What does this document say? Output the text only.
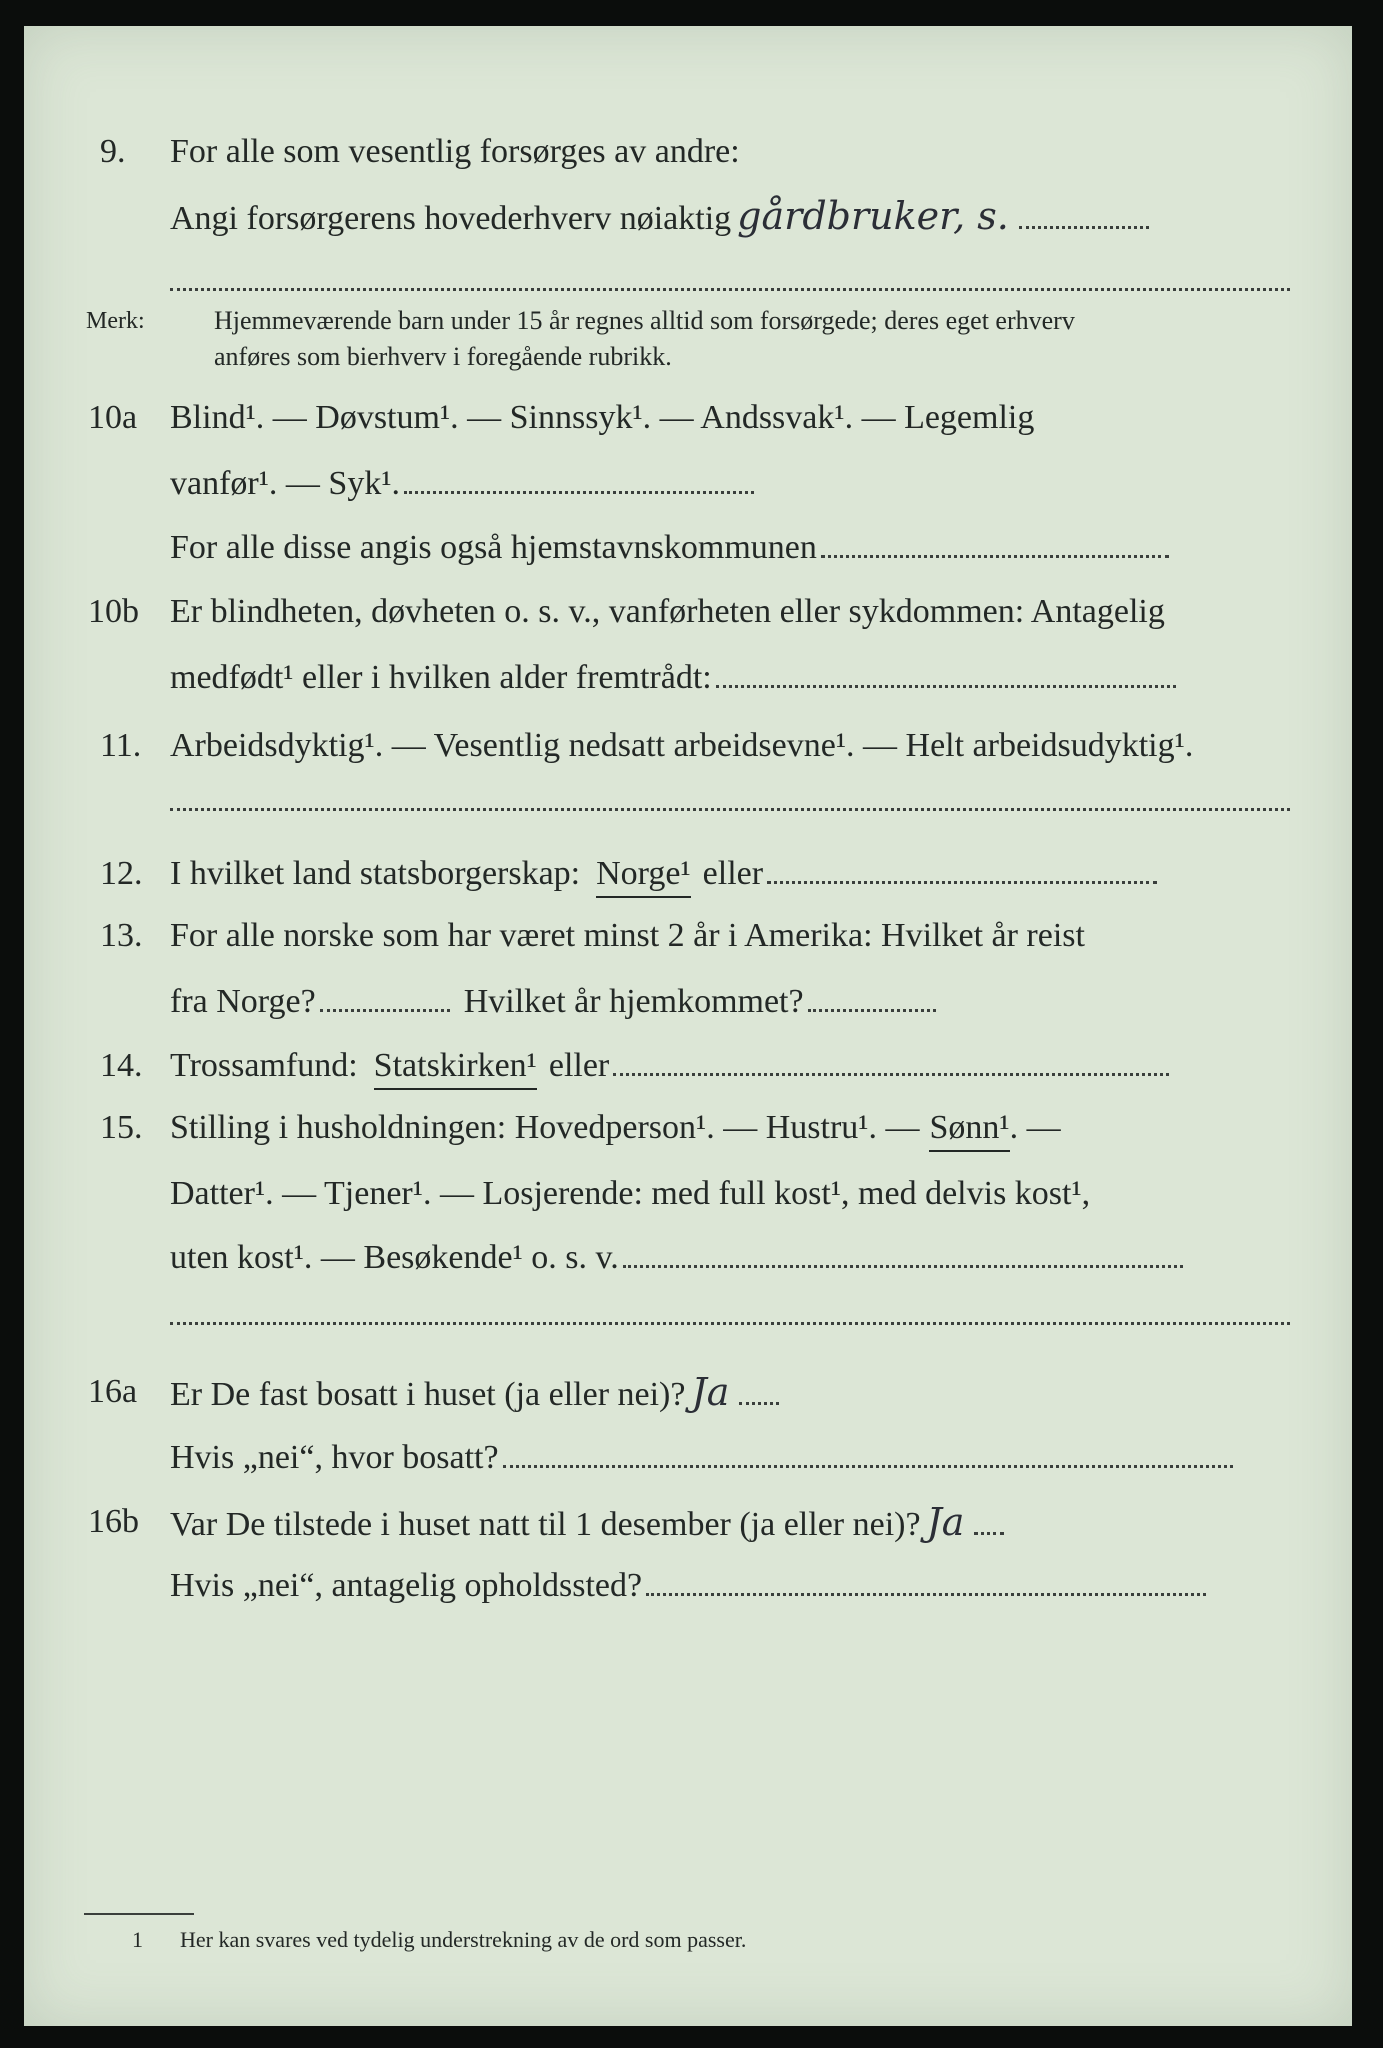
9. For alle som vesentlig forsørges av andre:
Angi forsørgerens hovederhverv nøiaktig gårdbruker, s.
Merk:	Hjemmeværende barn under 15 år regnes alltid som forsørgede; deres eget erhverv
anføres som bierhverv i foregående rubrikk.
10a Blind¹. — Døvstum¹. — Sinnssyk¹. — Andssvak¹. — Legemlig
vanfør¹. — Syk¹.
For alle disse angis også hjemstavnskommunen
10b Er blindheten, døvheten o. s. v., vanførheten eller sykdommen: Antagelig
medfødt¹ eller i hvilken alder fremtrådt:
11. Arbeidsdyktig¹. — Vesentlig nedsatt arbeidsevne¹. — Helt arbeidsudyktig¹.
12. I hvilket land statsborgerskap: Norge¹ eller
13. For alle norske som har været minst 2 år i Amerika: Hvilket år reist
fra Norge?	Hvilket år hjemkommet?
14. Trossamfund: Statskirken¹ eller
15. Stilling i husholdningen: Hovedperson¹. — Hustru¹. — Sønn¹ . —
Datter¹. — Tjener¹. — Losjerende: med full kost¹, med delvis kost¹,
uten kost¹. — Besøkende¹ o. s. v.
16a Er De fast bosatt i huset (ja eller nei)? Ja
Hvis „nei“, hvor bosatt?
16b Var De tilstede i huset natt til 1 desember (ja eller nei)? Ja
Hvis „nei“, antagelig opholdssted?
1 Her kan svares ved tydelig understrekning av de ord som passer.
